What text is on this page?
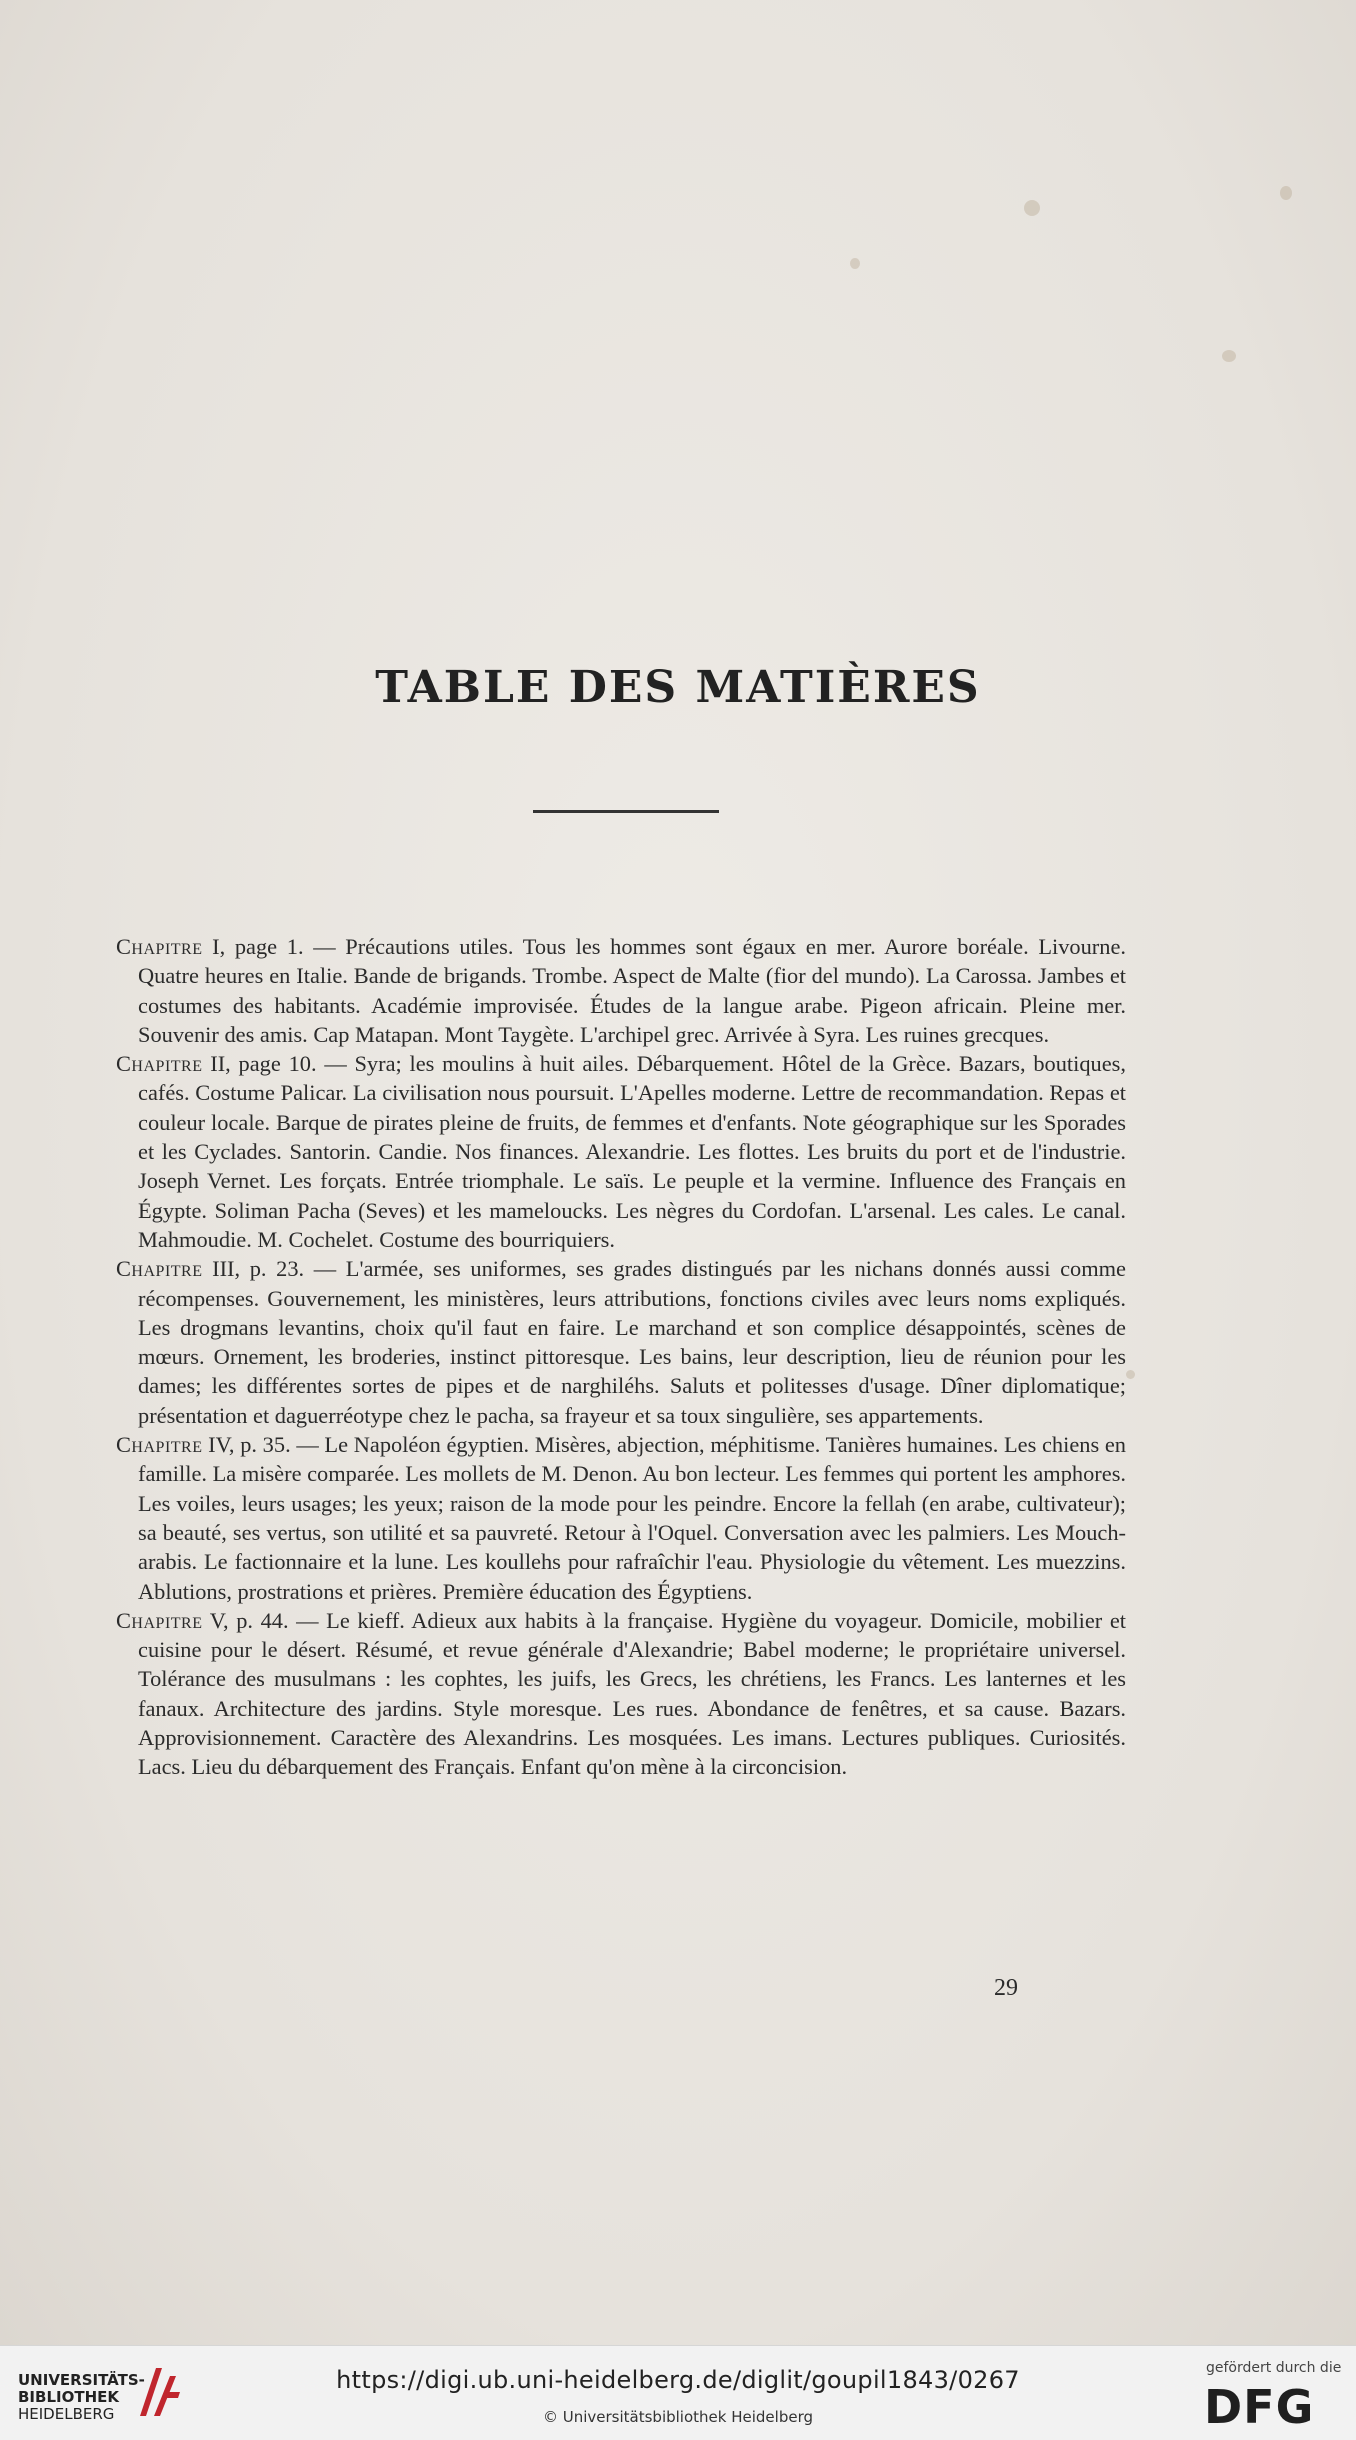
TABLE DES MATIÈRES

Chapitre I, page 1. — Précautions utiles. Tous les hommes sont égaux en mer. Aurore boréale. Livourne. Quatre heures en Italie. Bande de brigands. Trombe. Aspect de Malte (fior del mundo). La Carossa. Jambes et costumes des habitants. Académie improvisée. Études de la langue arabe. Pigeon africain. Pleine mer. Souvenir des amis. Cap Matapan. Mont Taygète. L'archipel grec. Arrivée à Syra. Les ruines grecques.

Chapitre II, page 10. — Syra; les moulins à huit ailes. Débarquement. Hôtel de la Grèce. Bazars, boutiques, cafés. Costume Palicar. La civilisation nous poursuit. L'Apelles moderne. Lettre de recommandation. Repas et couleur locale. Barque de pirates pleine de fruits, de femmes et d'enfants. Note géographique sur les Sporades et les Cyclades. Santorin. Candie. Nos finances. Alexandrie. Les flottes. Les bruits du port et de l'industrie. Joseph Vernet. Les forçats. Entrée triomphale. Le saïs. Le peuple et la vermine. Influence des Français en Égypte. Soliman Pacha (Seves) et les mameloucks. Les nègres du Cordofan. L'arsenal. Les cales. Le canal. Mahmoudie. M. Cochelet. Costume des bourriquiers.

Chapitre III, p. 23. — L'armée, ses uniformes, ses grades distingués par les nichans donnés aussi comme récompenses. Gouvernement, les ministères, leurs attributions, fonctions civiles avec leurs noms expliqués. Les drogmans levantins, choix qu'il faut en faire. Le marchand et son complice désappointés, scènes de mœurs. Ornement, les broderies, instinct pittoresque. Les bains, leur description, lieu de réunion pour les dames; les différentes sortes de pipes et de narghiléhs. Saluts et politesses d'usage. Dîner diplomatique; présentation et daguerréotype chez le pacha, sa frayeur et sa toux singulière, ses appartements.

Chapitre IV, p. 35. — Le Napoléon égyptien. Misères, abjection, méphitisme. Tanières humaines. Les chiens en famille. La misère comparée. Les mollets de M. Denon. Au bon lecteur. Les femmes qui portent les amphores. Les voiles, leurs usages; les yeux; raison de la mode pour les peindre. Encore la fellah (en arabe, cultivateur); sa beauté, ses vertus, son utilité et sa pauvreté. Retour à l'Oquel. Conversation avec les palmiers. Les Mouch-arabis. Le factionnaire et la lune. Les koullehs pour rafraîchir l'eau. Physiologie du vêtement. Les muezzins. Ablutions, prostrations et prières. Première éducation des Égyptiens.

Chapitre V, p. 44. — Le kieff. Adieux aux habits à la française. Hygiène du voyageur. Domicile, mobilier et cuisine pour le désert. Résumé, et revue générale d'Alexandrie; Babel moderne; le propriétaire universel. Tolérance des musulmans : les cophtes, les juifs, les Grecs, les chrétiens, les Francs. Les lanternes et les fanaux. Architecture des jardins. Style moresque. Les rues. Abondance de fenêtres, et sa cause. Bazars. Approvisionnement. Caractère des Alexandrins. Les mosquées. Les imans. Lectures publiques. Curiosités. Lacs. Lieu du débarquement des Français. Enfant qu'on mène à la circoncision.

29
UNIVERSITÄTS-
BIBLIOTHEK
HEIDELBERG
https://digi.ub.uni-heidelberg.de/diglit/goupil1843/0267
© Universitätsbibliothek Heidelberg
gefördert durch die
DFG
